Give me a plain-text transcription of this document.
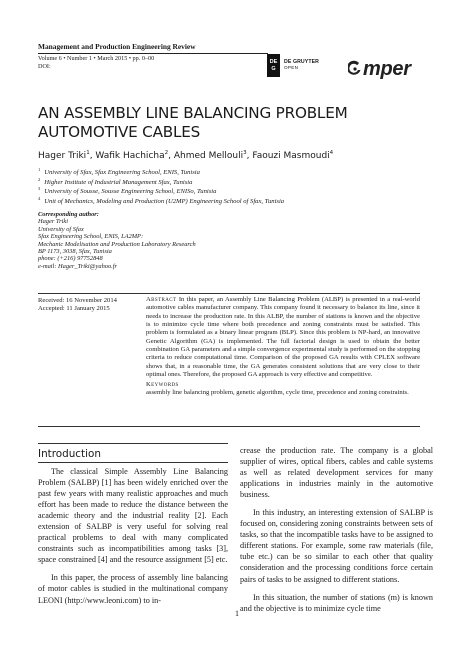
Management and Production Engineering Review
Volume 6 • Number 1 • March 2015 • pp. 0–00
DOI:
DE
G
DE GRUYTER
OPEN	mper
AN ASSEMBLY LINE BALANCING PROBLEM
AUTOMOTIVE CABLES
Hager Triki$^1$, Wafik Hachicha$^2$, Ahmed Mellouli$^3$, Faouzi Masmoudi$^4$
$^1$ University of Sfax, Sfax Engineering School, ENIS, Tunisia
$^2$ Higher Institute of Industrial Management Sfax, Tunisia
$^3$ University of Sousse, Sousse Engineering School, ENISo, Tunisia
$^4$ Unit of Mechanics, Modeling and Production (U2MP) Engineering School of Sfax, Tunisia
Corresponding author:
Hager Triki
University of Sfax
Sfax Engineering School, ENIS, LA2MP:
Mechanic Modelisation and Production Laboratory Research
BP 1173, 3038, Sfax, Tunisia
phone: (+216) 97752848
e-mail: Hager_Triki@yahoo.fr
Received: 16 November 2014
Accepted: 11 January 2015
Abstract In this paper, an Assembly Line Balancing Problem (ALBP) is presented in a real-world automotive cables manufacturer company. This company found it necessary to balance its line, since it needs to increase the production rate. In this ALBP, the number of stations is known and the objective is to minimize cycle time where both precedence and zoning constraints must be satisfied. This problem is formulated as a binary linear program (BLP). Since this problem is NP-hard, an innovative Genetic Algorithm (GA) is implemented. The full factorial design is used to obtain the better combination GA parameters and a simple convergence experimental study is performed on the stopping criteria to reduce computational time. Comparison of the proposed GA results with CPLEX software shows that, in a reasonable time, the GA generates consistent solutions that are very close to their optimal ones. Therefore, the proposed GA approach is very effective and competitive.
Keywords
assembly line balancing problem, genetic algorithm, cycle time, precedence and zoning constraints.
Introduction

The classical Simple Assembly Line Balancing Problem (SALBP) [1] has been widely enriched over the past few years with many realistic approaches and much effort has been made to reduce the distance between the academic theory and the industrial reality [2]. Each extension of SALBP is very useful for solving real practical problems to deal with many complicated constraints such as incompatibilities among tasks [3], space constrained [4] and the resource assignment [5] etc.

In this paper, the process of assembly line balancing of motor cables is studied in the multinational company LEONI (http://www.leoni.com) to in-

crease the production rate. The company is a global supplier of wires, optical fibers, cables and cable systems as well as related development services for many applications in industries mainly in the automotive business.

In this industry, an interesting extension of SALBP is focused on, considering zoning constraints between sets of tasks, so that the incompatible tasks have to be assigned to different stations. For example, some raw materials (file, tube etc.) can be so similar to each other that quality consideration and the processing conditions force certain pairs of tasks to be assigned to different stations.

In this situation, the number of stations (m) is known and the objective is to minimize cycle time

1
